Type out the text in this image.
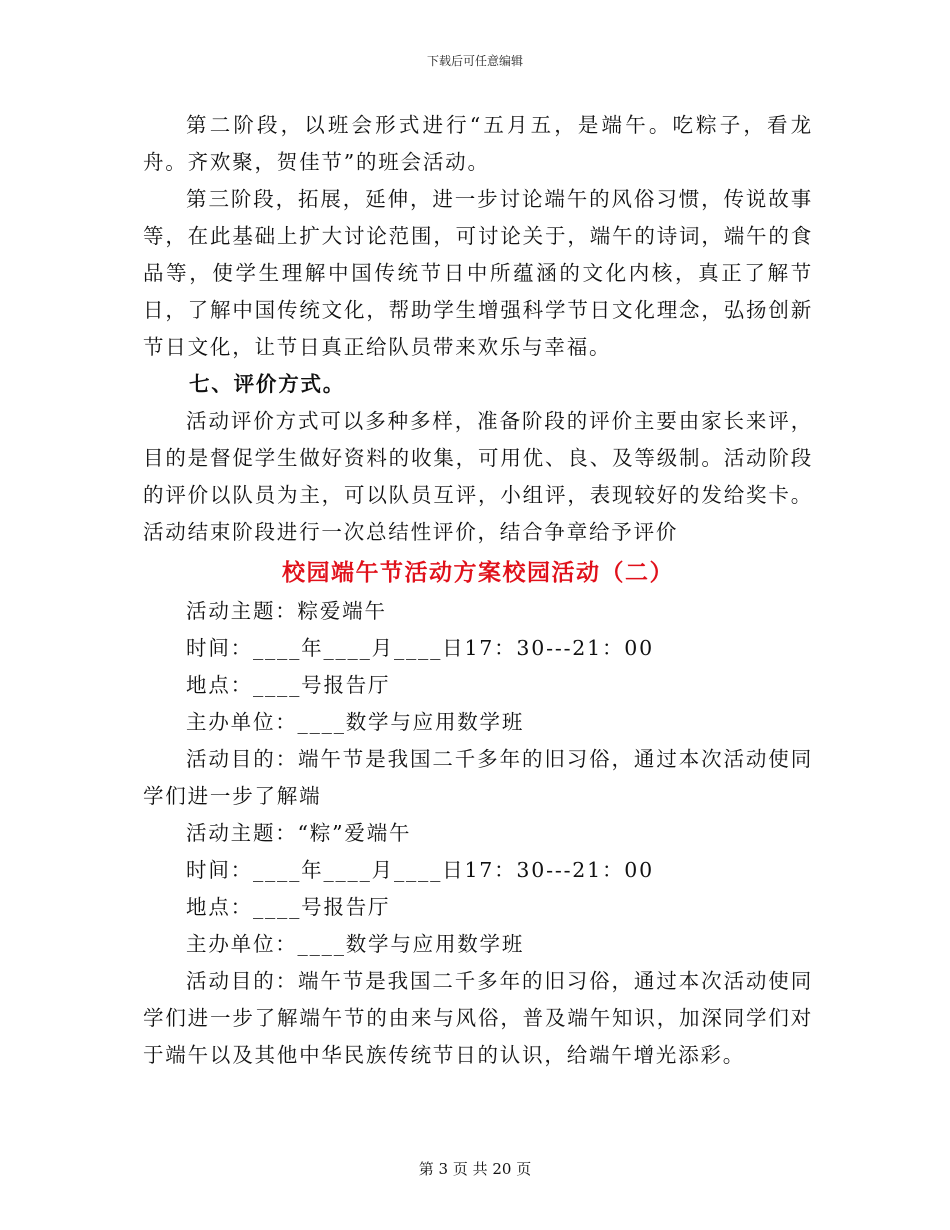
下载后可任意编辑

第二阶段，以班会形式进行“五月五，是端午。吃粽子，看龙舟。齐欢聚，贺佳节”的班会活动。

第三阶段，拓展，延伸，进一步讨论端午的风俗习惯，传说故事等，在此基础上扩大讨论范围，可讨论关于，端午的诗词，端午的食品等，使学生理解中国传统节日中所蕴涵的文化内核，真正了解节日，了解中国传统文化，帮助学生增强科学节日文化理念，弘扬创新节日文化，让节日真正给队员带来欢乐与幸福。

七、评价方式。

活动评价方式可以多种多样，准备阶段的评价主要由家长来评，目的是督促学生做好资料的收集，可用优、良、及等级制。活动阶段的评价以队员为主，可以队员互评，小组评，表现较好的发给奖卡。活动结束阶段进行一次总结性评价，结合争章给予评价

校园端午节活动方案校园活动（二）

活动主题：粽爱端午

时间：____年____月____日17：30---21：00

地点：____号报告厅

主办单位：____数学与应用数学班

活动目的：端午节是我国二千多年的旧习俗，通过本次活动使同学们进一步了解端

活动主题：“粽”爱端午

时间：____年____月____日17：30---21：00

地点：____号报告厅

主办单位：____数学与应用数学班

活动目的：端午节是我国二千多年的旧习俗，通过本次活动使同学们进一步了解端午节的由来与风俗，普及端午知识，加深同学们对于端午以及其他中华民族传统节日的认识，给端午增光添彩。

第 3 页 共 20 页
